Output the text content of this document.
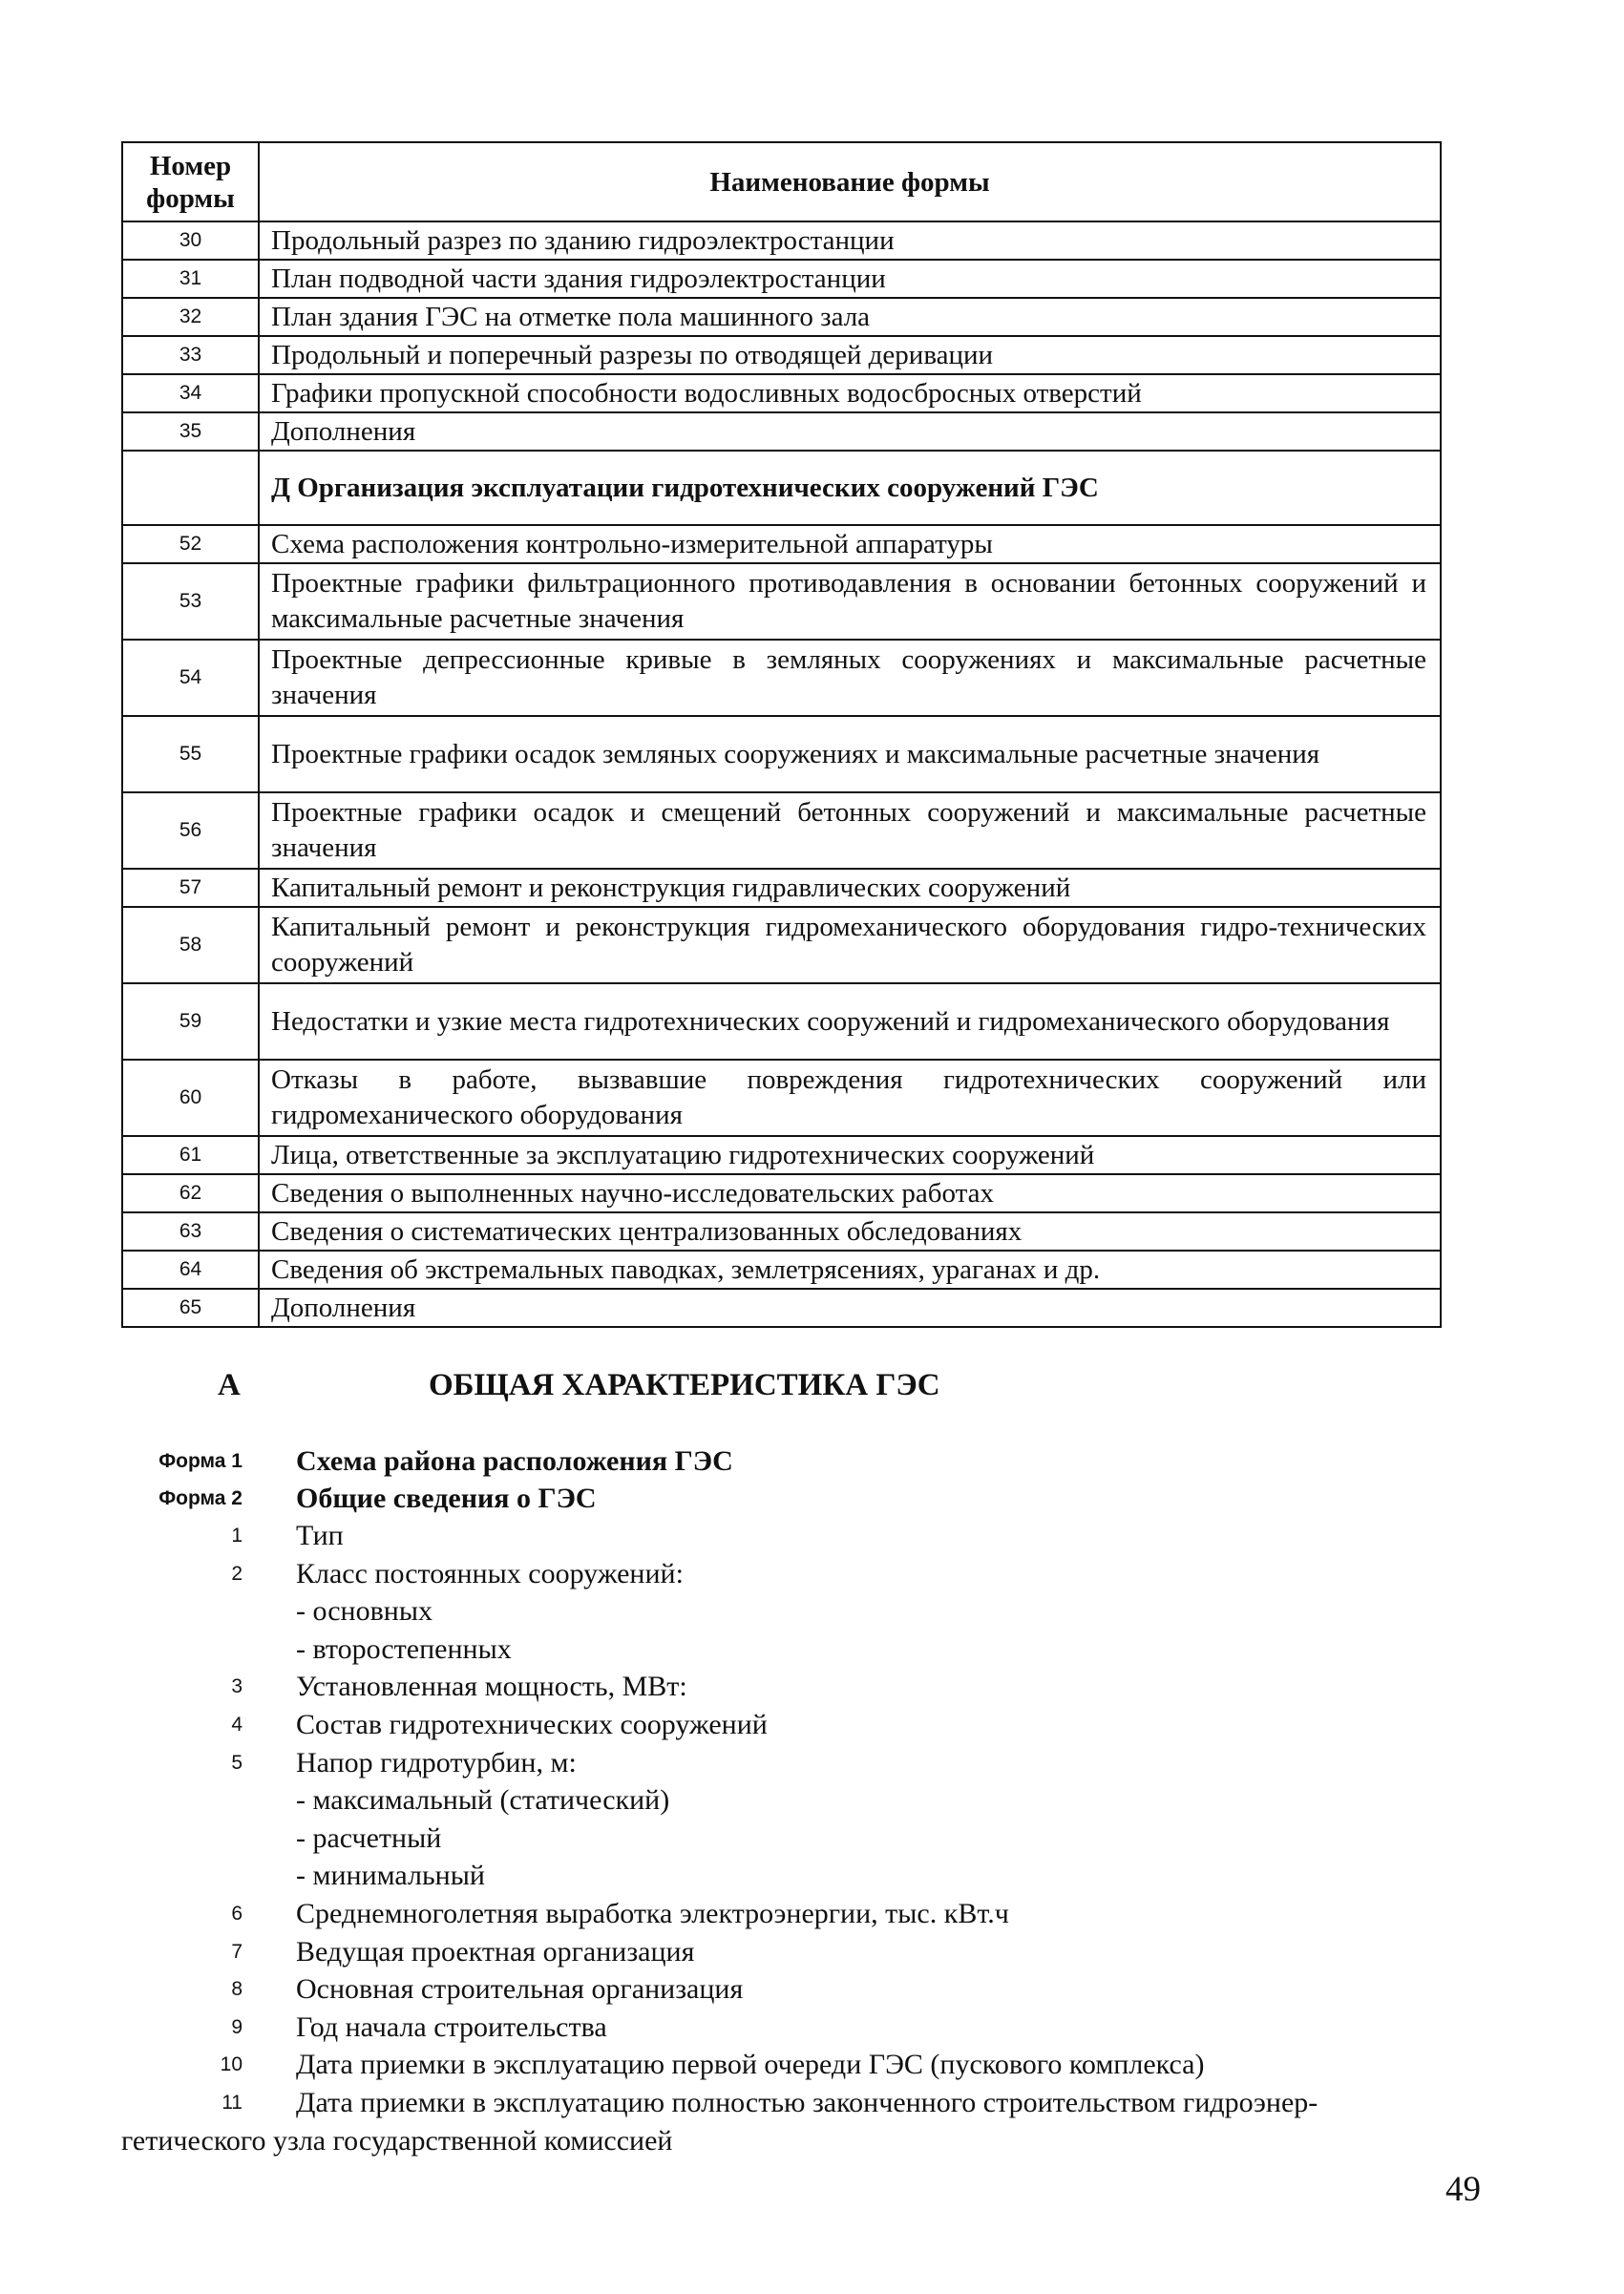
Номер формы	Наименование формы
30	Продольный разрез по зданию гидроэлектростанции
31	План подводной части здания гидроэлектростанции
32	План здания ГЭС на отметке пола машинного зала
33	Продольный и поперечный разрезы по отводящей деривации
34	Графики пропускной способности водосливных водосбросных отверстий
35	Дополнения
	Д Организация эксплуатации гидротехнических сооружений ГЭС
52	Схема расположения контрольно-измерительной аппаратуры
53	Проектные графики фильтрационного противодавления в основании бетонных сооружений и максимальные расчетные значения
54	Проектные депрессионные кривые в земляных сооружениях и максимальные расчетные значения
55	Проектные графики осадок земляных сооружениях и максимальные расчетные значения
56	Проектные графики осадок и смещений бетонных сооружений и максимальные расчетные значения
57	Капитальный ремонт и реконструкция гидравлических сооружений
58	Капитальный ремонт и реконструкция гидромеханического оборудования гидро-технических сооружений
59	Недостатки и узкие места гидротехнических сооружений и гидромеханического оборудования
60	Отказы в работе, вызвавшие повреждения гидротехнических сооружений или гидромеханического оборудования
61	Лица, ответственные за эксплуатацию гидротехнических сооружений
62	Сведения о выполненных научно-исследовательских работах
63	Сведения о систематических централизованных обследованиях
64	Сведения об экстремальных паводках, землетрясениях, ураганах и др.
65	Дополнения
А	ОБЩАЯ ХАРАКТЕРИСТИКА ГЭС
Форма 1 Схема района расположения ГЭС
Форма 2 Общие сведения о ГЭС
1 Тип
2 Класс постоянных сооружений:
- основных
- второстепенных
3 Установленная мощность, МВт:
4 Состав гидротехнических сооружений
5 Напор гидротурбин, м:
- максимальный (статический)
- расчетный
- минимальный
6 Среднемноголетняя выработка электроэнергии, тыс. кВт.ч
7 Ведущая проектная организация
8 Основная строительная организация
9 Год начала строительства
10 Дата приемки в эксплуатацию первой очереди ГЭС (пускового комплекса)
11 Дата приемки в эксплуатацию полностью законченного строительством гидроэнер-
гетического узла государственной комиссией
49
